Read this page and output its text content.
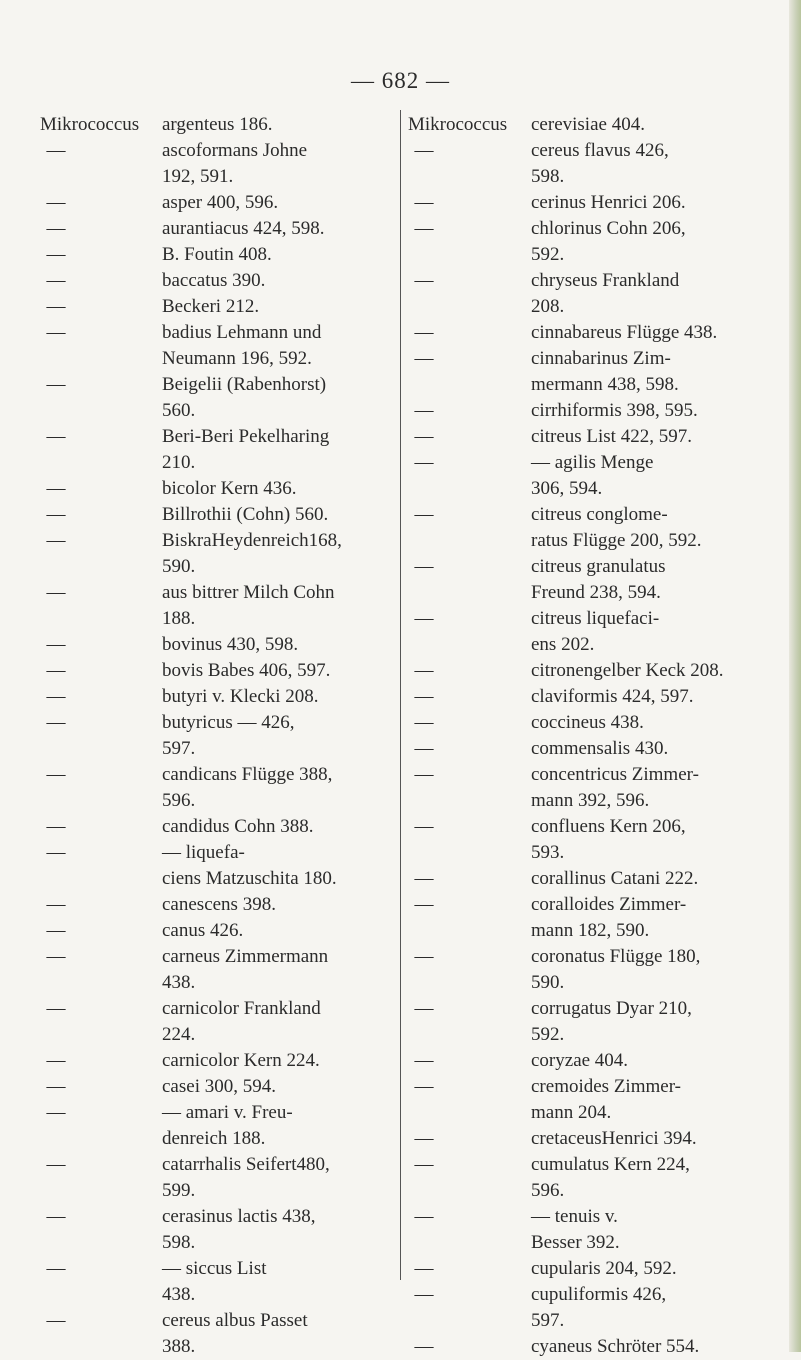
— 682 —
Mikrococcus argenteus 186.
—	ascoformans Johne
192, 591.
—	asper 400, 596.
—	aurantiacus 424, 598.
—	B. Foutin 408.
—	baccatus 390.
—	Beckeri 212.
—	badius Lehmann und
Neumann 196, 592.
—	Beigelii (Rabenhorst)
560.
—	Beri-Beri Pekelharing
210.
—	bicolor Kern 436.
—	Billrothii (Cohn) 560.
—	BiskraHeydenreich168,
590.
—	aus bittrer Milch Cohn
188.
—	bovinus 430, 598.
—	bovis Babes 406, 597.
—	butyri v. Klecki 208.
—	butyricus — 426,
597.
—	candicans Flügge 388,
596.
—	candidus Cohn 388.
—	— liquefa-
ciens Matzuschita 180.
—	canescens 398.
—	canus 426.
—	carneus Zimmermann
438.
—	carnicolor Frankland
224.
—	carnicolor Kern 224.
—	casei 300, 594.
—	— amari v. Freu-
denreich 188.
—	catarrhalis Seifert480,
599.
—	cerasinus lactis 438,
598.
—	— siccus List
438.
—	cereus albus Passet
388.
Mikrococcus cerevisiae 404.
—	cereus flavus 426,
598.
—	cerinus Henrici 206.
—	chlorinus Cohn 206,
592.
—	chryseus Frankland
208.
—	cinnabareus Flügge 438.
—	cinnabarinus Zim-
mermann 438, 598.
—	cirrhiformis 398, 595.
—	citreus List 422, 597.
—	— agilis Menge
306, 594.
—	citreus conglome-
ratus Flügge 200, 592.
—	citreus granulatus
Freund 238, 594.
—	citreus liquefaci-
ens 202.
—	citronengelber Keck 208.
—	claviformis 424, 597.
—	coccineus 438.
—	commensalis 430.
—	concentricus Zimmer-
mann 392, 596.
—	confluens Kern 206,
593.
—	corallinus Catani 222.
—	coralloides Zimmer-
mann 182, 590.
—	coronatus Flügge 180,
590.
—	corrugatus Dyar 210,
592.
—	coryzae 404.
—	cremoides Zimmer-
mann 204.
—	cretaceusHenrici 394.
—	cumulatus Kern 224,
596.
—	— tenuis v.
Besser 392.
—	cupularis 204, 592.
—	cupuliformis 426,
597.
—	cyaneus Schröter 554.
